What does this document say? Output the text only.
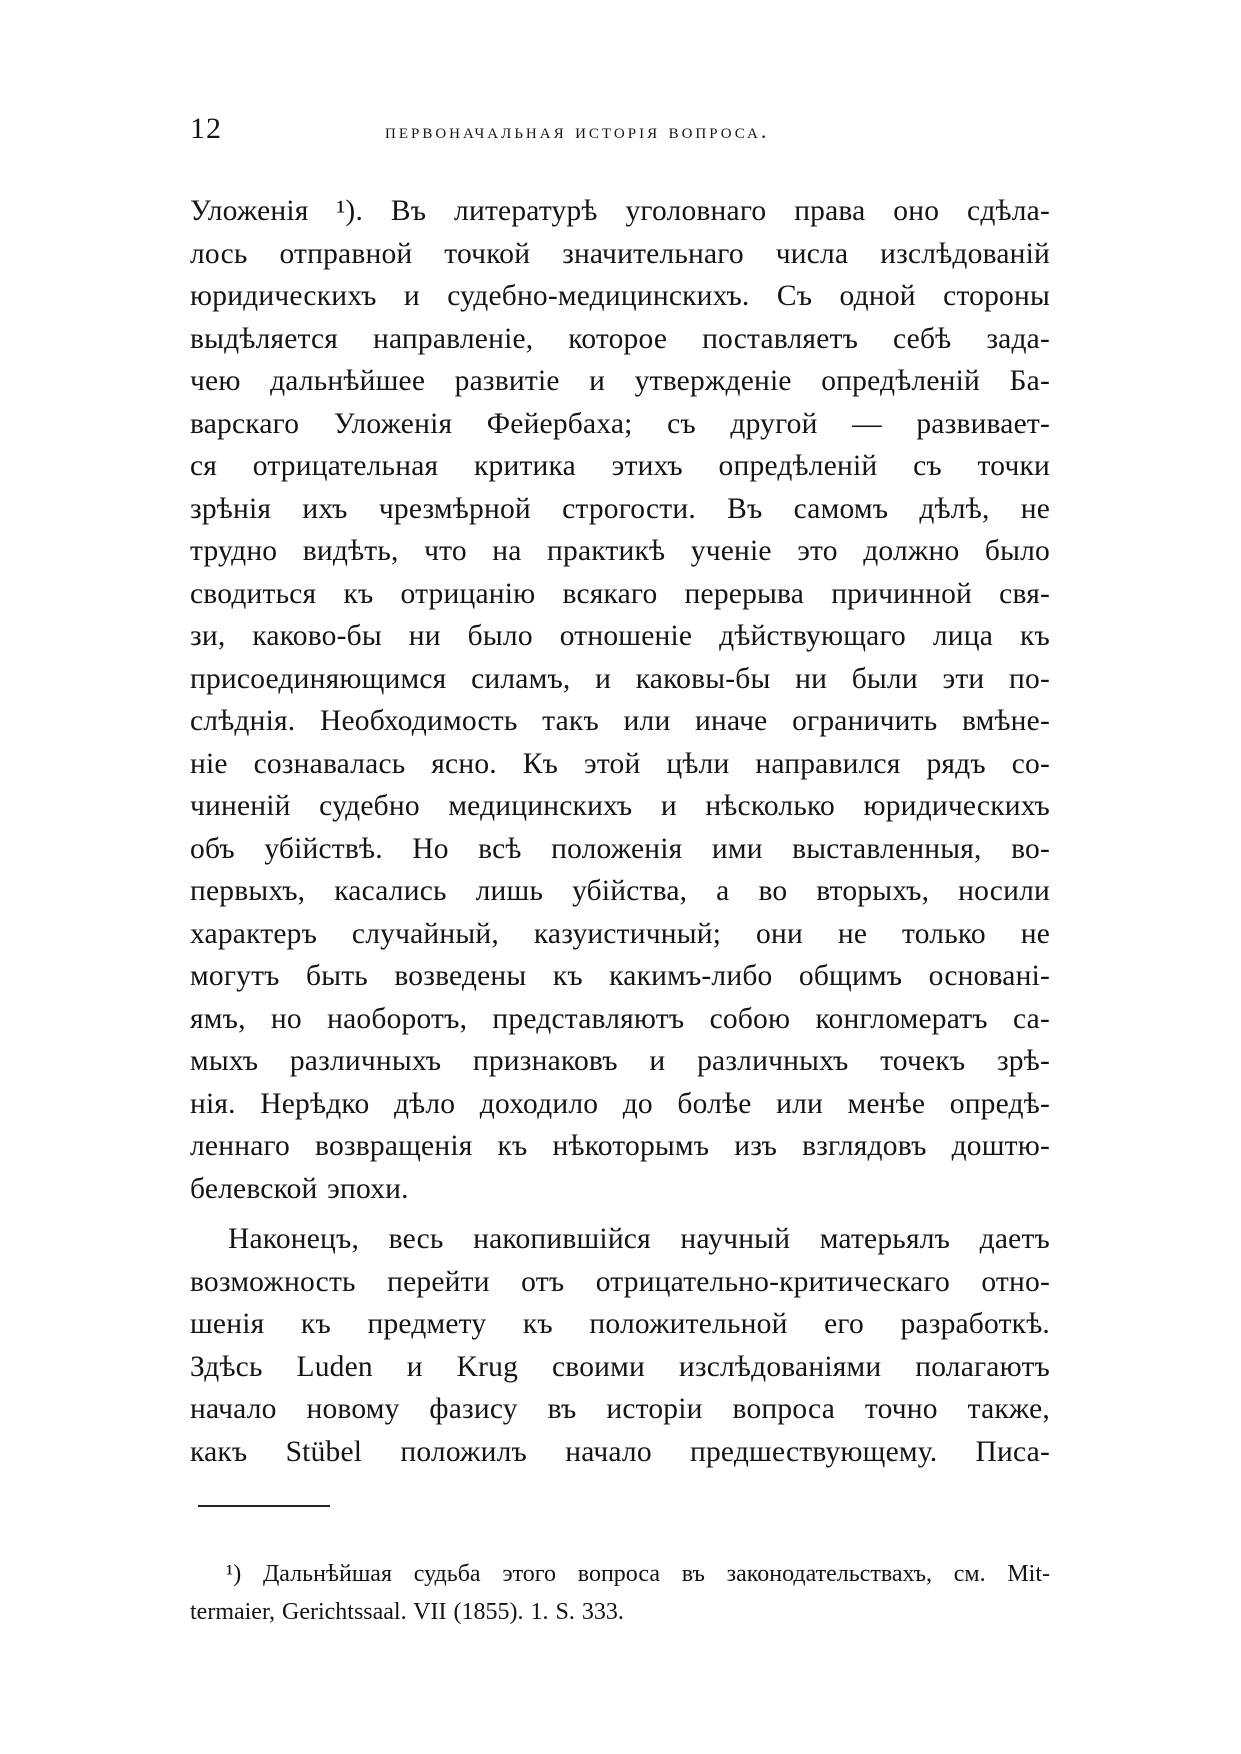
12	первоначальная исторія вопроса.
Уложенія ¹). Въ литературѣ уголовнаго права оно сдѣла-
лось отправной точкой значительнаго числа изслѣдованій
юридическихъ и судебно-медицинскихъ. Съ одной стороны
выдѣляется направленіе, которое поставляетъ себѣ зада-
чею дальнѣйшее развитіе и утвержденіе опредѣленій Ба-
варскаго Уложенія Фейербаха; съ другой — развивает-
ся отрицательная критика этихъ опредѣленій съ точки
зрѣнія ихъ чрезмѣрной строгости. Въ самомъ дѣлѣ, не
трудно видѣть, что на практикѣ ученіе это должно было
сводиться къ отрицанію всякаго перерыва причинной свя-
зи, каково-бы ни было отношеніе дѣйствующаго лица къ
присоединяющимся силамъ, и каковы-бы ни были эти по-
слѣднія. Необходимость такъ или иначе ограничить вмѣне-
ніе сознавалась ясно. Къ этой цѣли направился рядъ со-
чиненій судебно медицинскихъ и нѣсколько юридическихъ
объ убійствѣ. Но всѣ положенія ими выставленныя, во-
первыхъ, касались лишь убійства, а во вторыхъ, носили
характеръ случайный, казуистичный; они не только не
могутъ быть возведены къ какимъ-либо общимъ основані-
ямъ, но наоборотъ, представляютъ собою конгломератъ са-
мыхъ различныхъ признаковъ и различныхъ точекъ зрѣ-
нія. Нерѣдко дѣло доходило до болѣе или менѣе опредѣ-
леннаго возвращенія къ нѣкоторымъ изъ взглядовъ доштю-
белевской эпохи.
Наконецъ, весь накопившійся научный матерьялъ даетъ
возможность перейти отъ отрицательно-критическаго отно-
шенія къ предмету къ положительной его разработкѣ.
Здѣсь Luden и Krug своими изслѣдованіями полагаютъ
начало новому фазису въ исторіи вопроса точно также,
какъ Stübel положилъ начало предшествующему. Писа-
¹) Дальнѣйшая судьба этого вопроса въ законодательствахъ, см. Mit-
termaier, Gerichtssaal. VII (1855). 1. S. 333.
